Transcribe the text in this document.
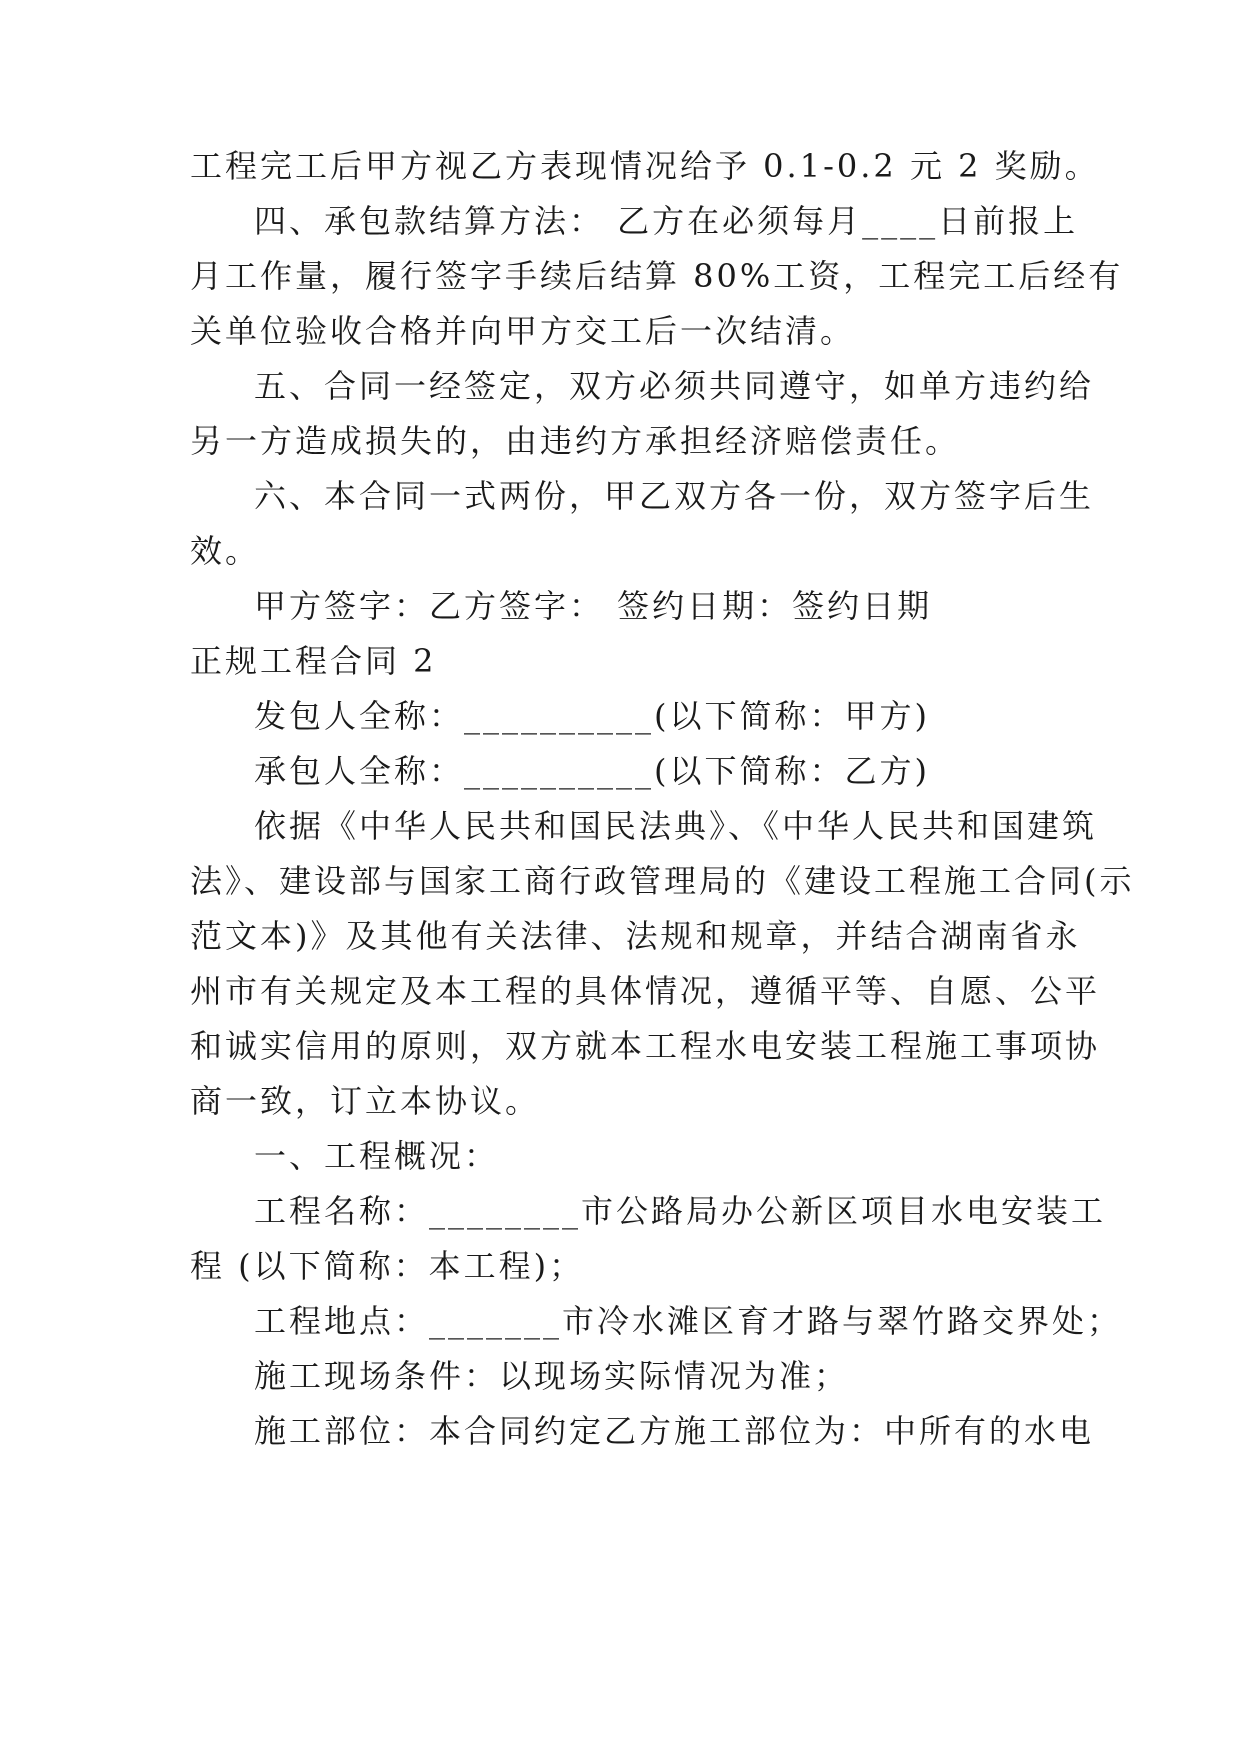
工程完工后甲方视乙方表现情况给予 0.1-0.2 元 2 奖励。
四、承包款结算方法： 乙方在必须每月____日前报上
月工作量，履行签字手续后结算 80%工资，工程完工后经有
关单位验收合格并向甲方交工后一次结清。
五、合同一经签定，双方必须共同遵守，如单方违约给
另一方造成损失的，由违约方承担经济赔偿责任。
六、本合同一式两份，甲乙双方各一份，双方签字后生
效。
甲方签字：乙方签字： 签约日期：签约日期
正规工程合同 2
发包人全称：__________(以下简称：甲方)
承包人全称：__________(以下简称：乙方)
依据《中华人民共和国民法典》、《中华人民共和国建筑
法》、建设部与国家工商行政管理局的《建设工程施工合同(示
范文本)》及其他有关法律、法规和规章，并结合湖南省永
州市有关规定及本工程的具体情况，遵循平等、自愿、公平
和诚实信用的原则，双方就本工程水电安装工程施工事项协
商一致，订立本协议。
一、工程概况：
工程名称：________市公路局办公新区项目水电安装工
程 (以下简称：本工程)；
工程地点：_______市冷水滩区育才路与翠竹路交界处；
施工现场条件：以现场实际情况为准；
施工部位：本合同约定乙方施工部位为：中所有的水电
